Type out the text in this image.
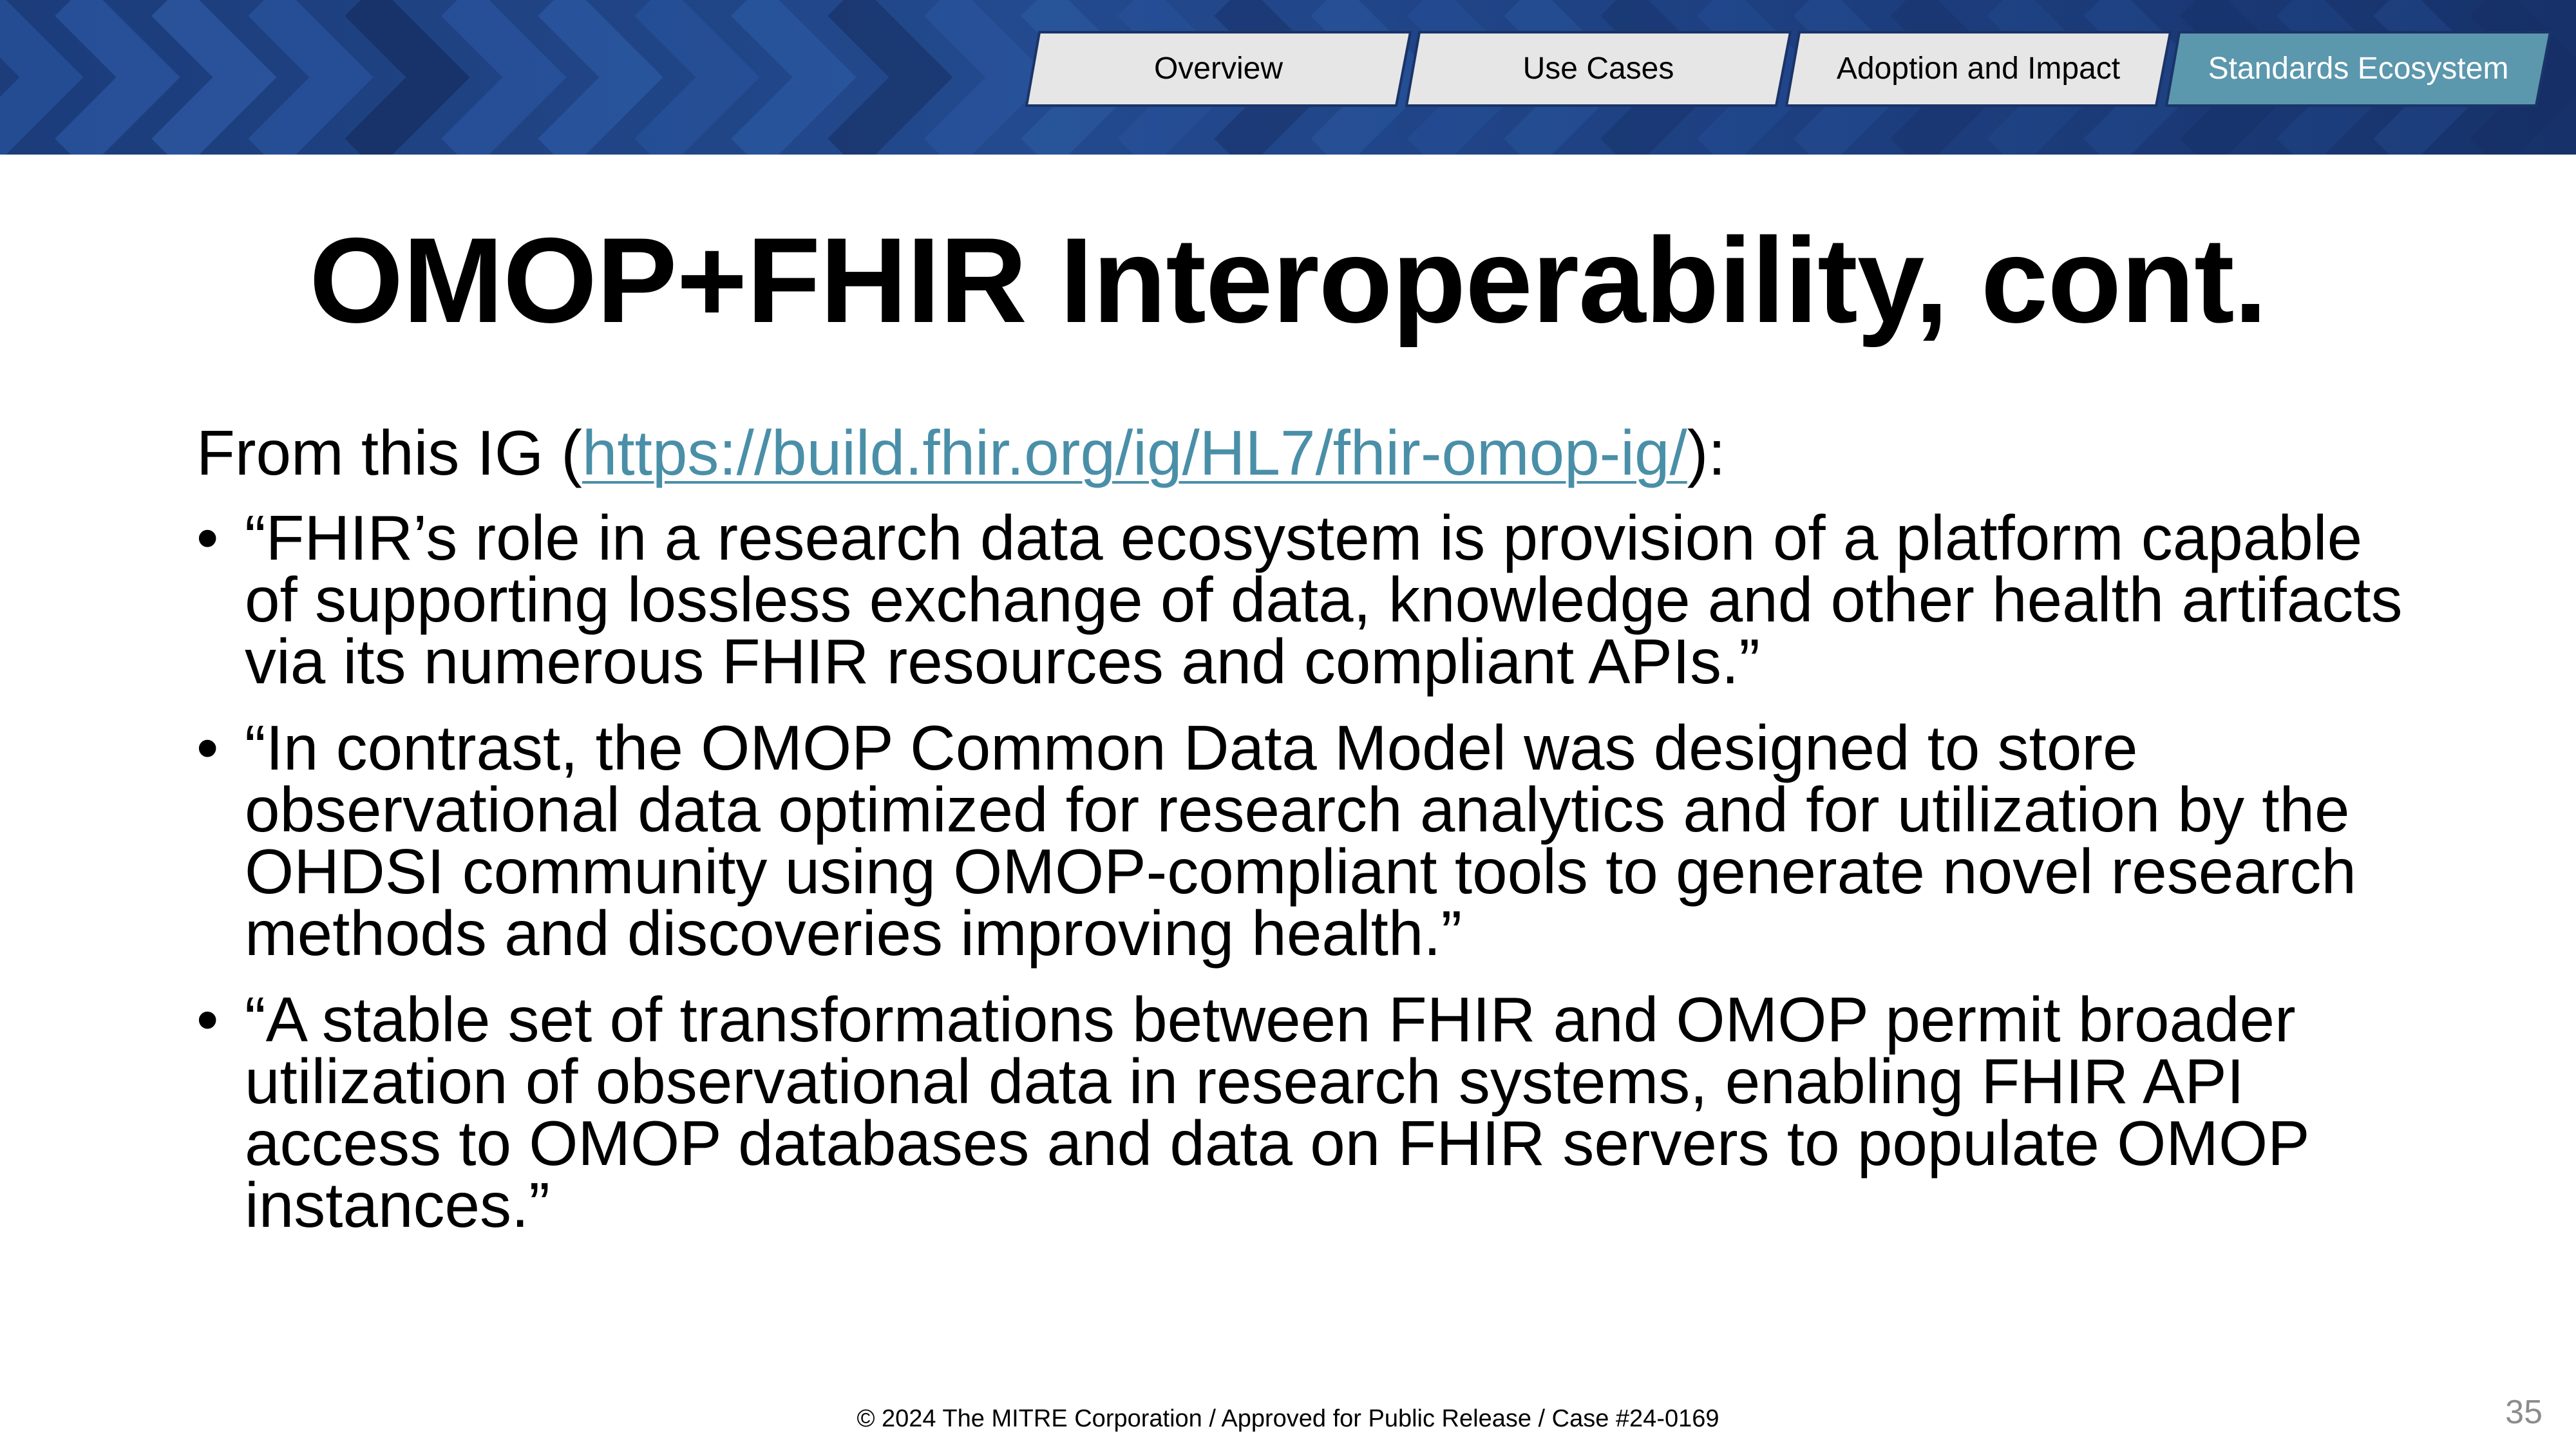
Overview	Use Cases	Adoption and Impact	Standards Ecosystem
OMOP+FHIR Interoperability, cont.

From this IG (https://build.fhir.org/ig/HL7/fhir-omop-ig/):

• “FHIR’s role in a research data ecosystem is provision of a platform capable of supporting lossless exchange of data, knowledge and other health artifacts via its numerous FHIR resources and compliant APIs.”
• “In contrast, the OMOP Common Data Model was designed to store observational data optimized for research analytics and for utilization by the OHDSI community using OMOP-compliant tools to generate novel research methods and discoveries improving health.”
• “A stable set of transformations between FHIR and OMOP permit broader utilization of observational data in research systems, enabling FHIR API access to OMOP databases and data on FHIR servers to populate OMOP instances.”
© 2024 The MITRE Corporation / Approved for Public Release / Case #24-0169	35
